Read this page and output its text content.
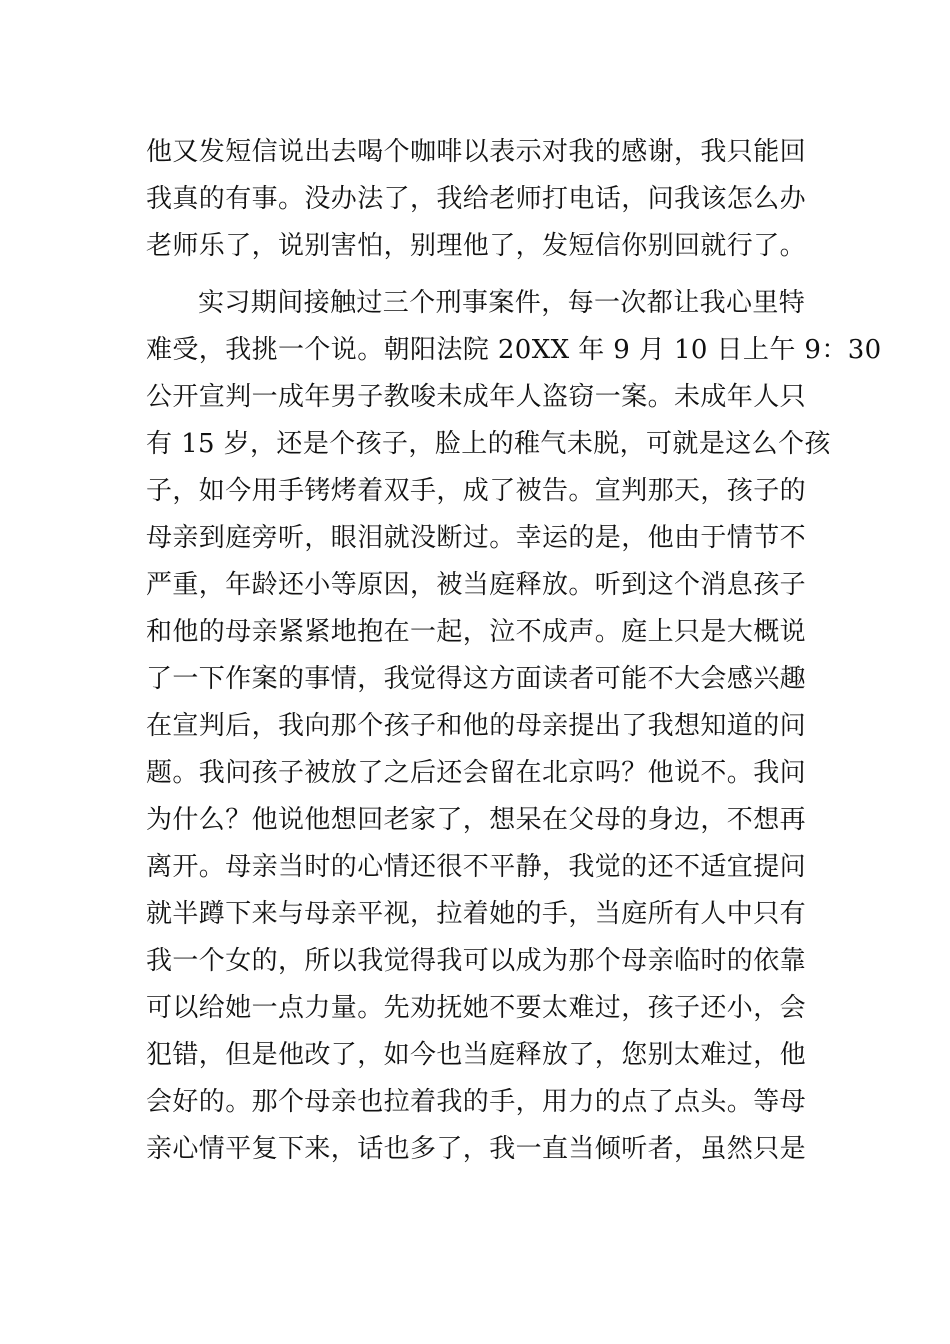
他又发短信说出去喝个咖啡以表示对我的感谢，我只能回
我真的有事。没办法了，我给老师打电话，问我该怎么办
老师乐了，说别害怕，别理他了，发短信你别回就行了。
实习期间接触过三个刑事案件，每一次都让我心里特
难受，我挑一个说。朝阳法院 20XX 年 9 月 10 日上午 9：30
公开宣判一成年男子教唆未成年人盗窃一案。未成年人只
有 15 岁，还是个孩子，脸上的稚气未脱，可就是这么个孩
子，如今用手铐烤着双手，成了被告。宣判那天，孩子的
母亲到庭旁听，眼泪就没断过。幸运的是，他由于情节不
严重，年龄还小等原因，被当庭释放。听到这个消息孩子
和他的母亲紧紧地抱在一起，泣不成声。庭上只是大概说
了一下作案的事情，我觉得这方面读者可能不大会感兴趣
在宣判后，我向那个孩子和他的母亲提出了我想知道的问
题。我问孩子被放了之后还会留在北京吗？他说不。我问
为什么？他说他想回老家了，想呆在父母的身边，不想再
离开。母亲当时的心情还很不平静，我觉的还不适宜提问
就半蹲下来与母亲平视，拉着她的手，当庭所有人中只有
我一个女的，所以我觉得我可以成为那个母亲临时的依靠
可以给她一点力量。先劝抚她不要太难过，孩子还小，会
犯错，但是他改了，如今也当庭释放了，您别太难过，他
会好的。那个母亲也拉着我的手，用力的点了点头。等母
亲心情平复下来，话也多了，我一直当倾听者，虽然只是
